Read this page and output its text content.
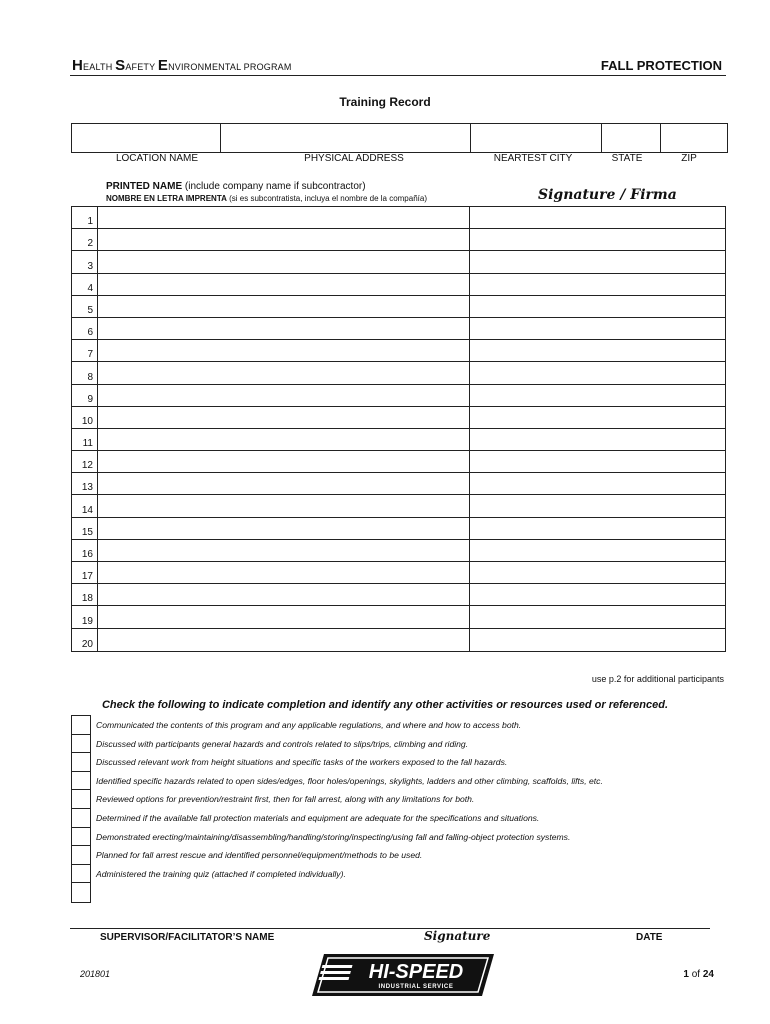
HEALTH SAFETY ENVIRONMENTAL PROGRAM	FALL PROTECTION
Training Record
LOCATION NAME	PHYSICAL ADDRESS	NEARTEST CITY	STATE	ZIP
PRINTED NAME (include company name if subcontractor)
NOMBRE EN LETRA IMPRENTA (si es subcontratista, incluya el nombre de la compañía)	Signature / Firma
1
2
3
4
5
6
7
8
9
10
11
12
13
14
15
16
17
18
19
20
use p.2 for additional participants
Check the following to indicate completion and identify any other activities or resources used or referenced.
Communicated the contents of this program and any applicable regulations, and where and how to access both.
Discussed with participants general hazards and controls related to slips/trips, climbing and riding.
Discussed relevant work from height situations and specific tasks of the workers exposed to the fall hazards.
Identified specific hazards related to open sides/edges, floor holes/openings, skylights, ladders and other climbing, scaffolds, lifts, etc.
Reviewed options for prevention/restraint first, then for fall arrest, along with any limitations for both.
Determined if the available fall protection materials and equipment are adequate for the specifications and situations.
Demonstrated erecting/maintaining/disassembling/handling/storing/inspecting/using fall and falling-object protection systems.
Planned for fall arrest rescue and identified personnel/equipment/methods to be used.
Administered the training quiz (attached if completed individually).
SUPERVISOR/FACILITATOR’S NAME	Signature	DATE
201801	1 of 24
HI-SPEED
INDUSTRIAL SERVICE
